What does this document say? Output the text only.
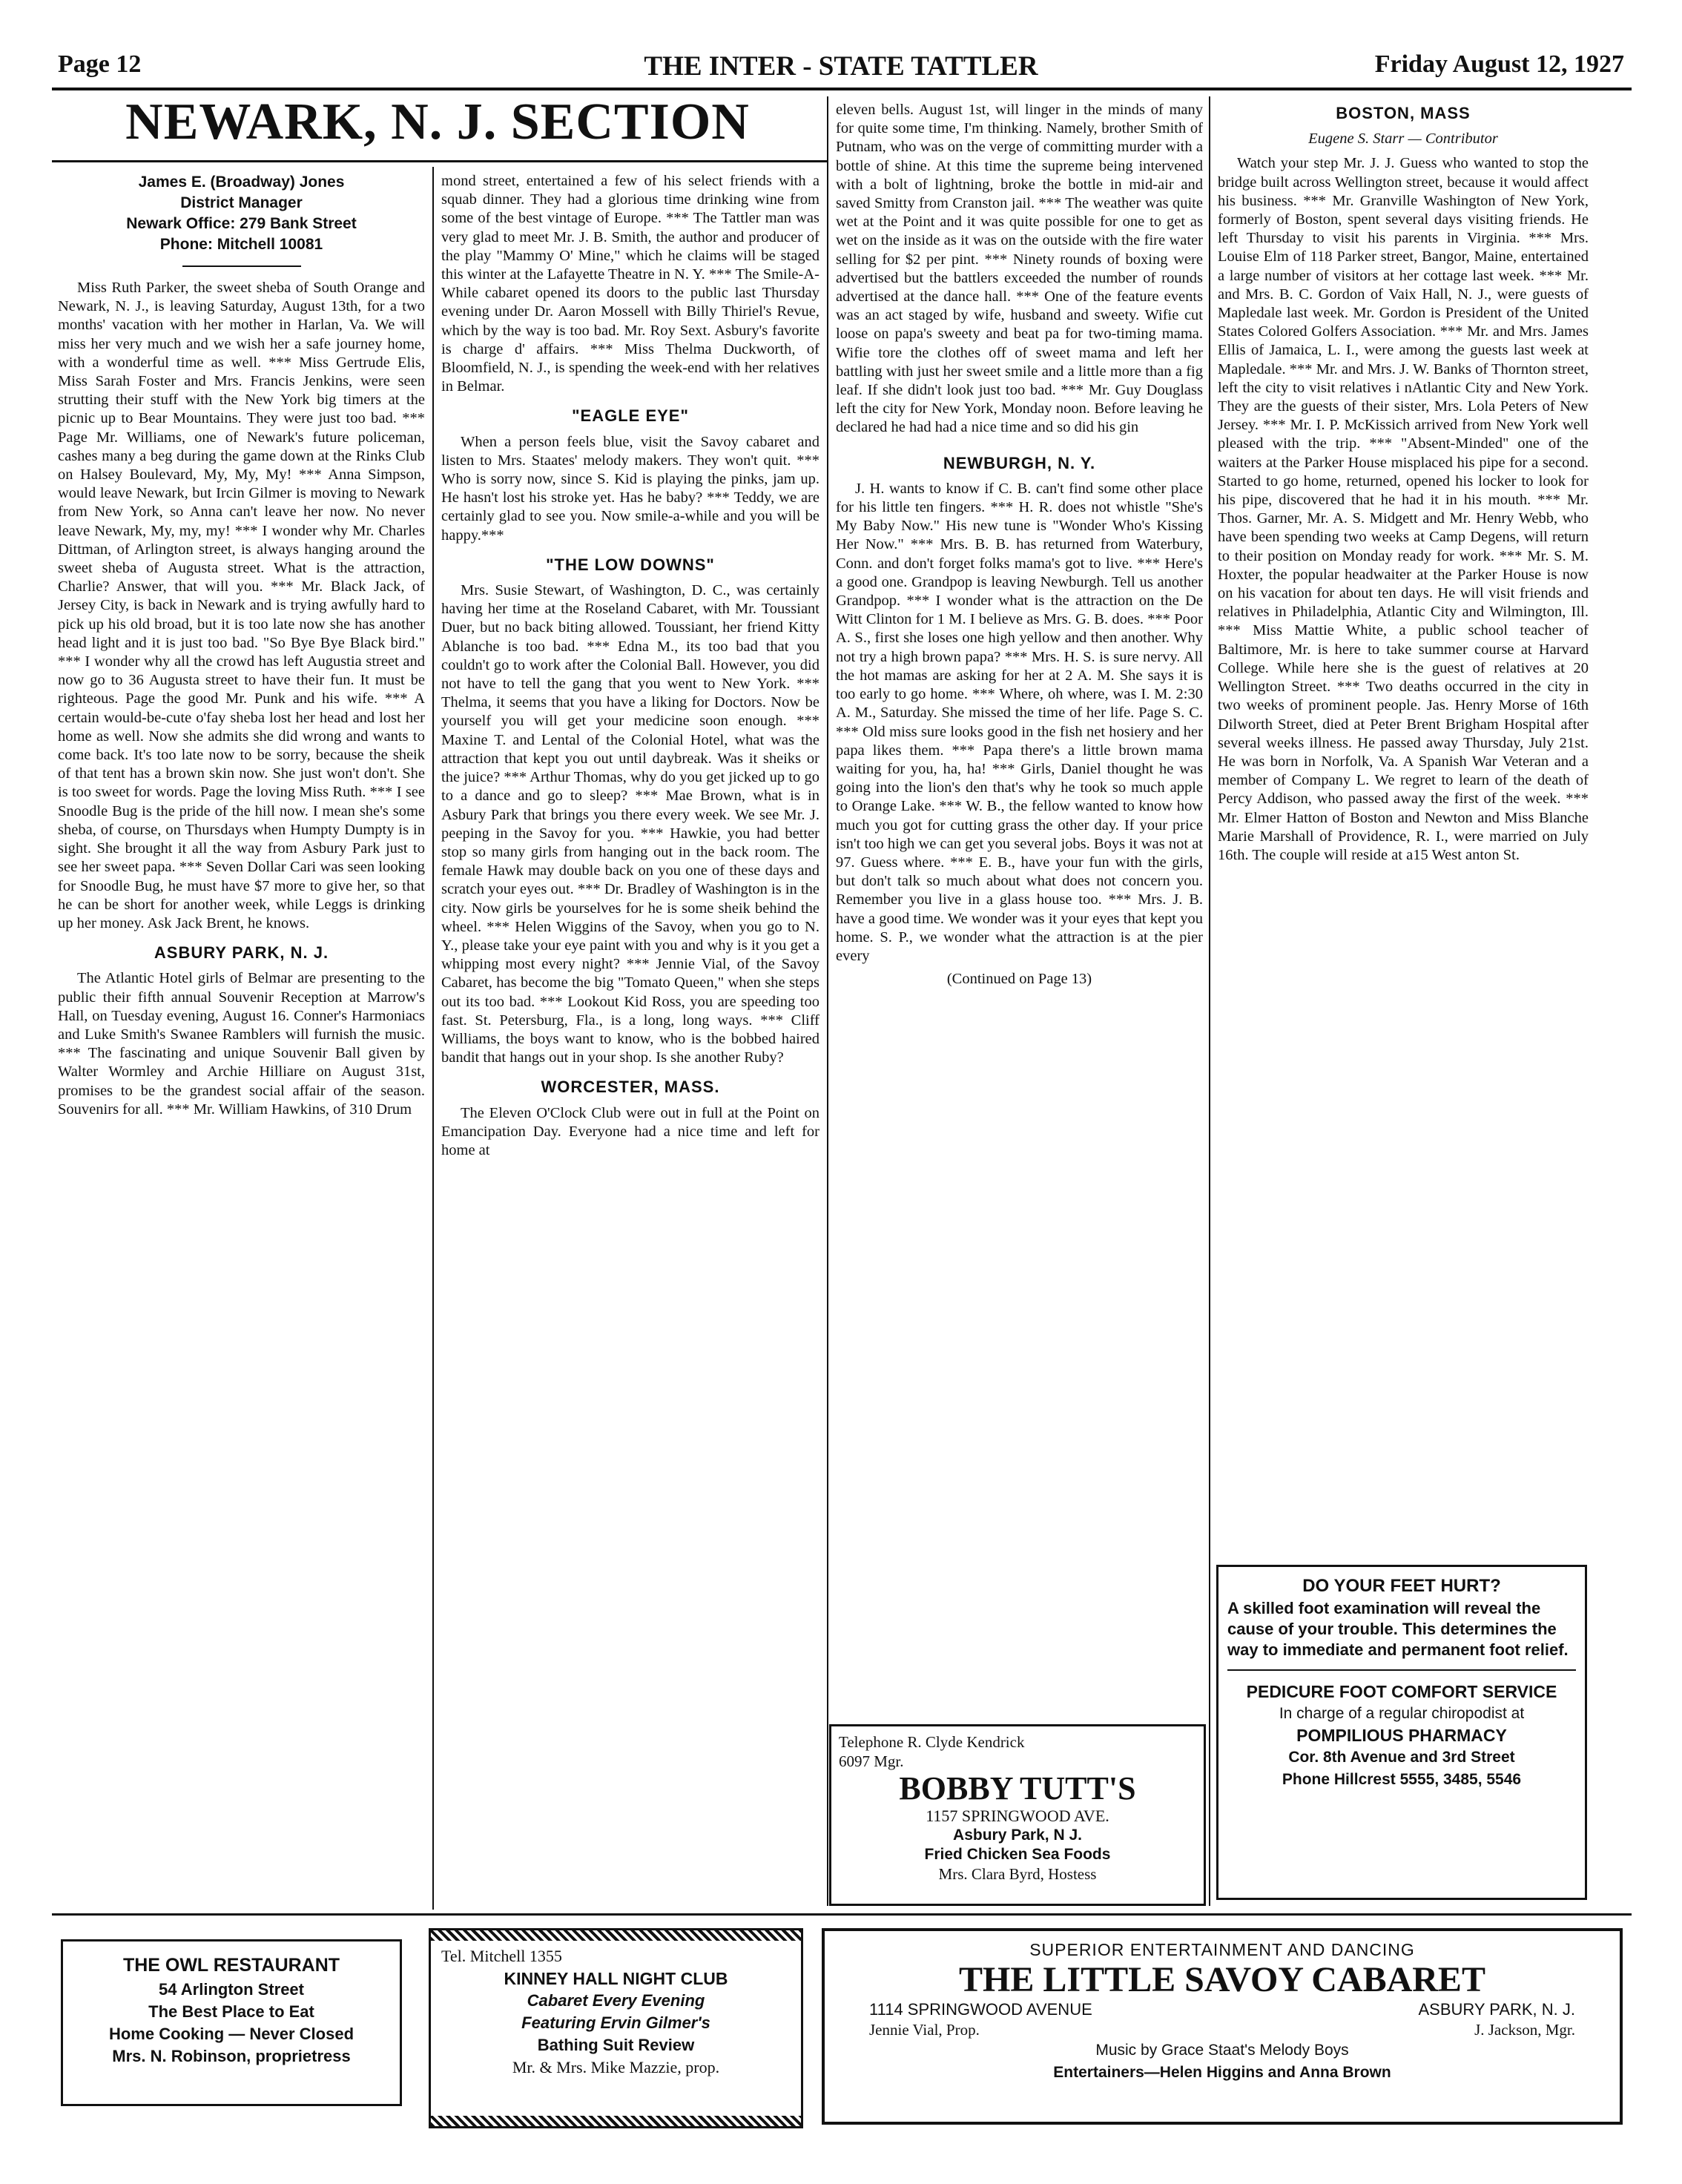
Page 12	THE INTER - STATE TATTLER	Friday August 12, 1927
NEWARK, N. J. SECTION
James E. (Broadway) Jones
District Manager
Newark Office: 279 Bank Street
Phone: Mitchell 10081

Miss Ruth Parker, the sweet sheba of South Orange and Newark, N. J., is leaving Saturday, August 13th, for a two months' vacation with her mother in Harlan, Va. We will miss her very much and we wish her a safe journey home, with a wonderful time as well. *** Miss Gertrude Elis, Miss Sarah Foster and Mrs. Francis Jenkins, were seen strutting their stuff with the New York big timers at the picnic up to Bear Mountains. They were just too bad. *** Page Mr. Williams, one of Newark's future policeman, cashes many a beg during the game down at the Rinks Club on Halsey Boulevard, My, My, My! *** Anna Simpson, would leave Newark, but Ircin Gilmer is moving to Newark from New York, so Anna can't leave her now. No never leave Newark, My, my, my! *** I wonder why Mr. Charles Dittman, of Arlington street, is always hanging around the sweet sheba of Augusta street. What is the attraction, Charlie? Answer, that will you. *** Mr. Black Jack, of Jersey City, is back in Newark and is trying awfully hard to pick up his old broad, but it is too late now she has another head light and it is just too bad. "So Bye Bye Black bird." *** I wonder why all the crowd has left Augustia street and now go to 36 Augusta street to have their fun. It must be righteous. Page the good Mr. Punk and his wife. *** A certain would-be-cute o'fay sheba lost her head and lost her home as well. Now she admits she did wrong and wants to come back. It's too late now to be sorry, because the sheik of that tent has a brown skin now. She just won't don't. She is too sweet for words. Page the loving Miss Ruth. *** I see Snoodle Bug is the pride of the hill now. I mean she's some sheba, of course, on Thursdays when Humpty Dumpty is in sight. She brought it all the way from Asbury Park just to see her sweet papa. *** Seven Dollar Cari was seen looking for Snoodle Bug, he must have $7 more to give her, so that he can be short for another week, while Leggs is drinking up her money. Ask Jack Brent, he knows.

ASBURY PARK, N. J.

The Atlantic Hotel girls of Belmar are presenting to the public their fifth annual Souvenir Reception at Marrow's Hall, on Tuesday evening, August 16. Conner's Harmoniacs and Luke Smith's Swanee Ramblers will furnish the music. *** The fascinating and unique Souvenir Ball given by Walter Wormley and Archie Hilliare on August 31st, promises to be the grandest social affair of the season. Souvenirs for all. *** Mr. William Hawkins, of 310 Drum

mond street, entertained a few of his select friends with a squab dinner. They had a glorious time drinking wine from some of the best vintage of Europe. *** The Tattler man was very glad to meet Mr. J. B. Smith, the author and producer of the play "Mammy O' Mine," which he claims will be staged this winter at the Lafayette Theatre in N. Y. *** The Smile-A-While cabaret opened its doors to the public last Thursday evening under Dr. Aaron Mossell with Billy Thiriel's Revue, which by the way is too bad. Mr. Roy Sext. Asbury's favorite is charge d' affairs. *** Miss Thelma Duckworth, of Bloomfield, N. J., is spending the week-end with her relatives in Belmar.

"EAGLE EYE"

When a person feels blue, visit the Savoy cabaret and listen to Mrs. Staates' melody makers. They won't quit. *** Who is sorry now, since S. Kid is playing the pinks, jam up. He hasn't lost his stroke yet. Has he baby? *** Teddy, we are certainly glad to see you. Now smile-a-while and you will be happy.***

"THE LOW DOWNS"

Mrs. Susie Stewart, of Washington, D. C., was certainly having her time at the Roseland Cabaret, with Mr. Toussiant Duer, but no back biting allowed. Toussiant, her friend Kitty Ablanche is too bad. *** Edna M., its too bad that you couldn't go to work after the Colonial Ball. However, you did not have to tell the gang that you went to New York. *** Thelma, it seems that you have a liking for Doctors. Now be yourself you will get your medicine soon enough. *** Maxine T. and Lental of the Colonial Hotel, what was the attraction that kept you out until daybreak. Was it sheiks or the juice? *** Arthur Thomas, why do you get jicked up to go to a dance and go to sleep? *** Mae Brown, what is in Asbury Park that brings you there every week. We see Mr. J. peeping in the Savoy for you. *** Hawkie, you had better stop so many girls from hanging out in the back room. The female Hawk may double back on you one of these days and scratch your eyes out. *** Dr. Bradley of Washington is in the city. Now girls be yourselves for he is some sheik behind the wheel. *** Helen Wiggins of the Savoy, when you go to N. Y., please take your eye paint with you and why is it you get a whipping most every night? *** Jennie Vial, of the Savoy Cabaret, has become the big "Tomato Queen," when she steps out its too bad. *** Lookout Kid Ross, you are speeding too fast. St. Petersburg, Fla., is a long, long ways. *** Cliff Williams, the boys want to know, who is the bobbed haired bandit that hangs out in your shop. Is she another Ruby?

WORCESTER, MASS.

The Eleven O'Clock Club were out in full at the Point on Emancipation Day. Everyone had a nice time and left for home at

eleven bells. August 1st, will linger in the minds of many for quite some time, I'm thinking. Namely, brother Smith of Putnam, who was on the verge of committing murder with a bottle of shine. At this time the supreme being intervened with a bolt of lightning, broke the bottle in mid-air and saved Smitty from Cranston jail. *** The weather was quite wet at the Point and it was quite possible for one to get as wet on the inside as it was on the outside with the fire water selling for $2 per pint. *** Ninety rounds of boxing were advertised but the battlers exceeded the number of rounds advertised at the dance hall. *** One of the feature events was an act staged by wife, husband and sweety. Wifie cut loose on papa's sweety and beat pa for two-timing mama. Wifie tore the clothes off of sweet mama and left her battling with just her sweet smile and a little more than a fig leaf. If she didn't look just too bad. *** Mr. Guy Douglass left the city for New York, Monday noon. Before leaving he declared he had had a nice time and so did his gin

NEWBURGH, N. Y.

J. H. wants to know if C. B. can't find some other place for his little ten fingers. *** H. R. does not whistle "She's My Baby Now." His new tune is "Wonder Who's Kissing Her Now." *** Mrs. B. B. has returned from Waterbury, Conn. and don't forget folks mama's got to live. *** Here's a good one. Grandpop is leaving Newburgh. Tell us another Grandpop. *** I wonder what is the attraction on the De Witt Clinton for 1 M. I believe as Mrs. G. B. does. *** Poor A. S., first she loses one high yellow and then another. Why not try a high brown papa? *** Mrs. H. S. is sure nervy. All the hot mamas are asking for her at 2 A. M. She says it is too early to go home. *** Where, oh where, was I. M. 2:30 A. M., Saturday. She missed the time of her life. Page S. C. *** Old miss sure looks good in the fish net hosiery and her papa likes them. *** Papa there's a little brown mama waiting for you, ha, ha! *** Girls, Daniel thought he was going into the lion's den that's why he took so much apple to Orange Lake. *** W. B., the fellow wanted to know how much you got for cutting grass the other day. If your price isn't too high we can get you several jobs. Boys it was not at 97. Guess where. *** E. B., have your fun with the girls, but don't talk so much about what does not concern you. Remember you live in a glass house too. *** Mrs. J. B. have a good time. We wonder was it your eyes that kept you home. S. P., we wonder what the attraction is at the pier every

(Continued on Page 13)
BOSTON, MASS
Eugene S. Starr — Contributor

Watch your step Mr. J. J. Guess who wanted to stop the bridge built across Wellington street, because it would affect his business. *** Mr. Granville Washington of New York, formerly of Boston, spent several days visiting friends. He left Thursday to visit his parents in Virginia. *** Mrs. Louise Elm of 118 Parker street, Bangor, Maine, entertained a large number of visitors at her cottage last week. *** Mr. and Mrs. B. C. Gordon of Vaix Hall, N. J., were guests of Mapledale last week. Mr. Gordon is President of the United States Colored Golfers Association. *** Mr. and Mrs. James Ellis of Jamaica, L. I., were among the guests last week at Mapledale. *** Mr. and Mrs. J. W. Banks of Thornton street, left the city to visit relatives i nAtlantic City and New York. They are the guests of their sister, Mrs. Lola Peters of New Jersey. *** Mr. I. P. McKissich arrived from New York well pleased with the trip. *** "Absent-Minded" one of the waiters at the Parker House misplaced his pipe for a second. Started to go home, returned, opened his locker to look for his pipe, discovered that he had it in his mouth. *** Mr. Thos. Garner, Mr. A. S. Midgett and Mr. Henry Webb, who have been spending two weeks at Camp Degens, will return to their position on Monday ready for work. *** Mr. S. M. Hoxter, the popular headwaiter at the Parker House is now on his vacation for about ten days. He will visit friends and relatives in Philadelphia, Atlantic City and Wilmington, Ill. *** Miss Mattie White, a public school teacher of Baltimore, Mr. is here to take summer course at Harvard College. While here she is the guest of relatives at 20 Wellington Street. *** Two deaths occurred in the city in two weeks of prominent people. Jas. Henry Morse of 16th Dilworth Street, died at Peter Brent Brigham Hospital after several weeks illness. He passed away Thursday, July 21st. He was born in Norfolk, Va. A Spanish War Veteran and a member of Company L. We regret to learn of the death of Percy Addison, who passed away the first of the week. *** Mr. Elmer Hatton of Boston and Newton and Miss Blanche Marie Marshall of Providence, R. I., were married on July 16th. The couple will reside at a15 West anton St.

DO YOUR FEET HURT?
A skilled foot examination will reveal the cause of your trouble. This determines the way to immediate and permanent foot relief.
PEDICURE FOOT COMFORT SERVICE
In charge of a regular chiropodist at
POMPILIOUS PHARMACY
Cor. 8th Avenue and 3rd Street
Phone Hillcrest 5555, 3485, 5546
Telephone R. Clyde Kendrick
6097 Mgr.
BOBBY TUTT'S
1157 SPRINGWOOD AVE.
Asbury Park, N J.
Fried Chicken Sea Foods
Mrs. Clara Byrd, Hostess
THE OWL RESTAURANT
54 Arlington Street
The Best Place to Eat
Home Cooking — Never Closed
Mrs. N. Robinson, proprietress
Tel. Mitchell 1355
KINNEY HALL NIGHT CLUB
Cabaret Every Evening
Featuring Ervin Gilmer's
Bathing Suit Review
Mr. & Mrs. Mike Mazzie, prop.
SUPERIOR ENTERTAINMENT AND DANCING
THE LITTLE SAVOY CABARET
1114 SPRINGWOOD AVENUE	ASBURY PARK, N. J.
Jennie Vial, Prop.	J. Jackson, Mgr.
Music by Grace Staat's Melody Boys
Entertainers—Helen Higgins and Anna Brown
